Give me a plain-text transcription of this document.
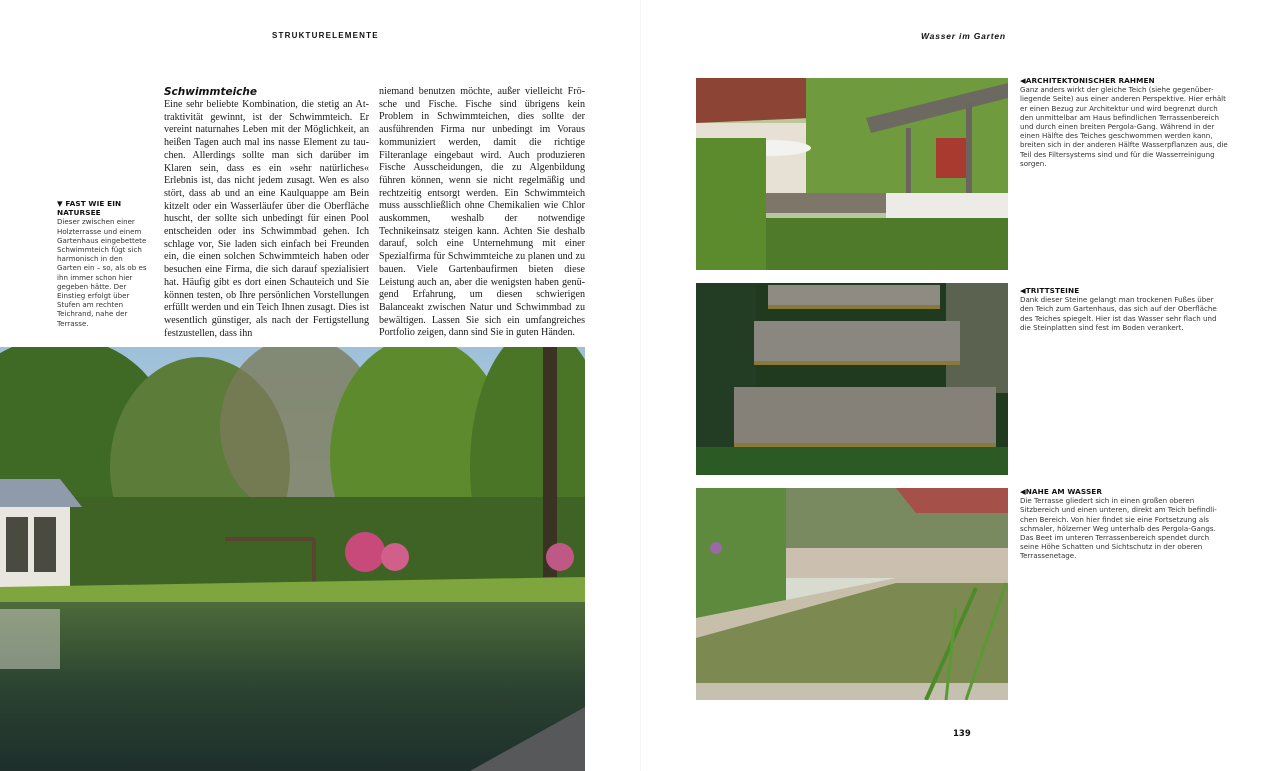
STRUKTURELEMENTE
Schwimmteiche
Eine sehr beliebte Kombination, die stetig an Attraktivität gewinnt, ist der Schwimmteich. Er vereint naturnahes Leben mit der Möglichkeit, an heißen Tagen auch mal ins nasse Element zu tauchen. Allerdings sollte man sich darüber im Klaren sein, dass es ein »sehr natürliches« Erlebnis ist, das nicht jedem zusagt. Wen es also stört, dass ab und an eine Kaulquappe am Bein kitzelt oder ein Wasserläufer über die Oberfläche huscht, der sollte sich unbedingt für einen Pool entscheiden oder ins Schwimmbad gehen. Ich schlage vor, Sie laden sich einfach bei Freunden ein, die einen solchen Schwimmteich haben oder besuchen eine Firma, die sich darauf spezialisiert hat. Häufig gibt es dort einen Schauteich und Sie können testen, ob Ihre persönlichen Vorstellungen erfüllt werden und ein Teich Ihnen zusagt. Dies ist wesentlich günstiger, als nach der Fertigstellung festzustellen, dass ihn
niemand benutzen möchte, außer vielleicht Frösche und Fische. Fische sind übrigens kein Problem in Schwimmteichen, dies sollte der ausführenden Firma nur unbedingt im Voraus kommuniziert werden, damit die richtige Filteranlage eingebaut wird. Auch produzieren Fische Ausscheidungen, die zu Algenbildung führen können, wenn sie nicht regelmäßig und rechtzeitig entsorgt werden. Ein Schwimmteich muss ausschließlich ohne Chemikalien wie Chlor auskommen, weshalb der notwendige Technikeinsatz steigen kann. Achten Sie deshalb darauf, solch eine Unternehmung mit einer Spezialfirma für Schwimmteiche zu planen und zu bauen. Viele Gartenbaufirmen bieten diese Leistung auch an, aber die wenigsten haben genügend Erfahrung, um diesen schwierigen Balanceakt zwischen Natur und Schwimmbad zu bewältigen. Lassen Sie sich ein umfangreiches Portfolio zeigen, dann sind Sie in guten Händen.
▼ FAST WIE EIN NATURSEE
Dieser zwischen einer Holzterrasse und einem Gartenhaus eingebettete Schwimmteich fügt sich harmonisch in den Garten ein – so, als ob es ihn immer schon hier gegeben hätte. Der Einstieg erfolgt über Stufen am rechten Teichrand, nahe der Terrasse.
Wasser im Garten
◀ARCHITEKTONISCHER RAHMEN
Ganz anders wirkt der gleiche Teich (siehe gegenüberliegende Seite) aus einer anderen Perspektive. Hier erhält er einen Bezug zur Architektur und wird begrenzt durch den unmittelbar am Haus befindlichen Terrassenbereich und durch einen breiten Pergola-Gang. Während in der einen Hälfte des Teiches geschwommen werden kann, breiten sich in der anderen Hälfte Wasserpflanzen aus, die Teil des Filtersystems sind und für die Wasserreinigung sorgen.
◀TRITTSTEINE
Dank dieser Steine gelangt man trockenen Fußes über den Teich zum Gartenhaus, das sich auf der Oberfläche des Teiches spiegelt. Hier ist das Wasser sehr flach und die Steinplatten sind fest im Boden verankert.
◀NAHE AM WASSER
Die Terrasse gliedert sich in einen großen oberen Sitzbereich und einen unteren, direkt am Teich befindlichen Bereich. Von hier findet sie eine Fortsetzung als schmaler, hölzerner Weg unterhalb des Pergola-Gangs. Das Beet im unteren Terrassenbereich spendet durch seine Höhe Schatten und Sichtschutz in der oberen Terrassenetage.
139
